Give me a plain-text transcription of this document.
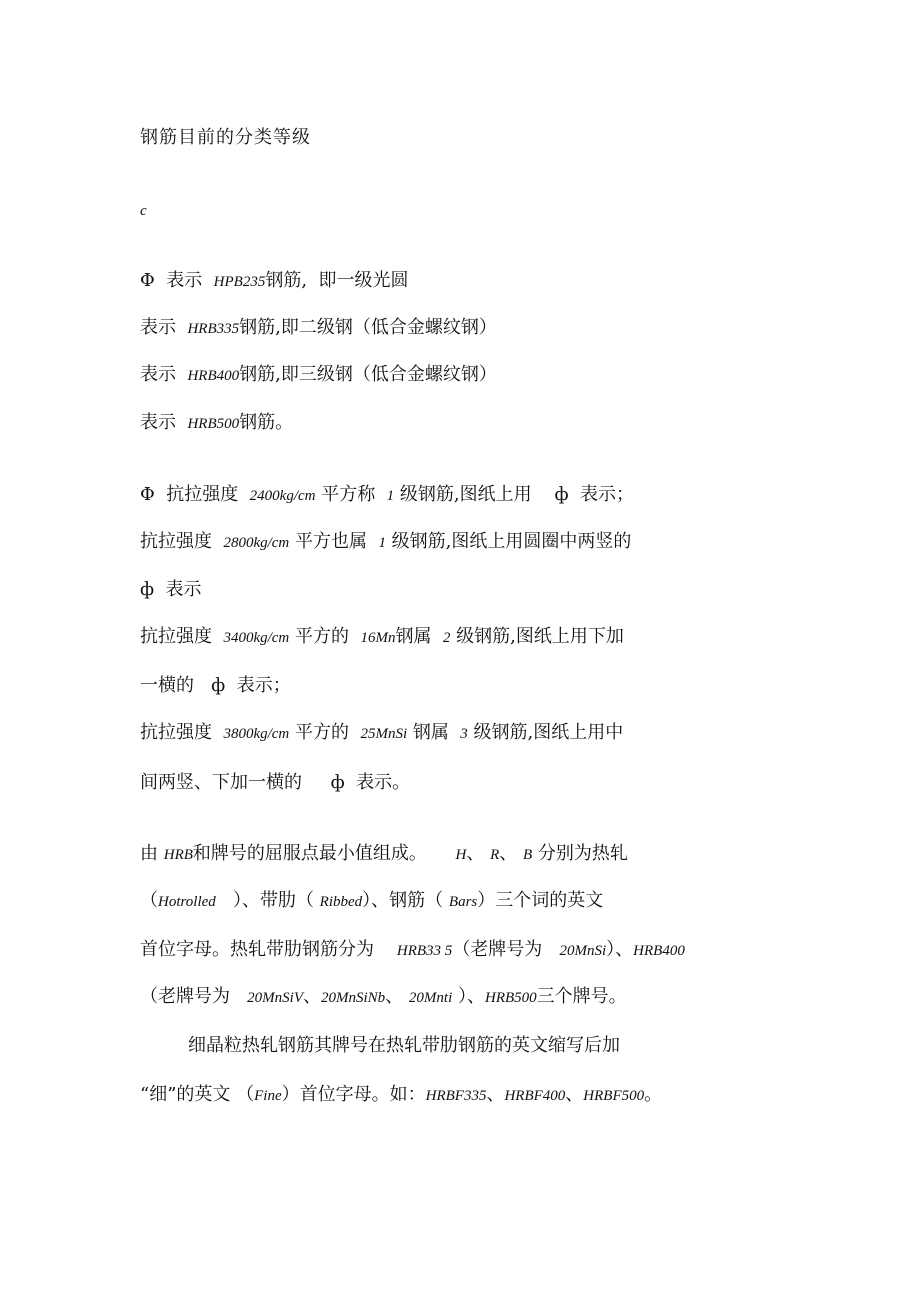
钢筋目前的分类等级
c
Φ  表示  HPB235钢筋,  即一级光圆
表示  HRB335钢筋,即二级钢（低合金螺纹钢）
表示  HRB400钢筋,即三级钢（低合金螺纹钢）
表示  HRB500钢筋。
Φ  抗拉强度  2400kg/cm 平方称  1 级钢筋,图纸上用    ф  表示；
抗拉强度  2800kg/cm 平方也属  1 级钢筋,图纸上用圆圈中两竖的
ф  表示
抗拉强度  3400kg/cm 平方的  16Mn钢属  2 级钢筋,图纸上用下加
一横的   ф  表示；
抗拉强度  3800kg/cm 平方的  25MnSi 钢属  3 级钢筋,图纸上用中
间两竖、下加一横的     ф  表示。
由 HRB和牌号的屈服点最小值组成。     H、 R、 B 分别为热轧
（Hotrolled   ）、带肋（ Ribbed）、钢筋（ Bars）三个词的英文
首位字母。热轧带肋钢筋分为    HRB33 5（老牌号为   20MnSi）、HRB400
（老牌号为   20MnSiV、20MnSiNb、 20Mnti ）、HRB500三个牌号。
细晶粒热轧钢筋其牌号在热轧带肋钢筋的英文缩写后加
“细”的英文 （Fine）首位字母。如：HRBF335、HRBF400、HRBF500。
